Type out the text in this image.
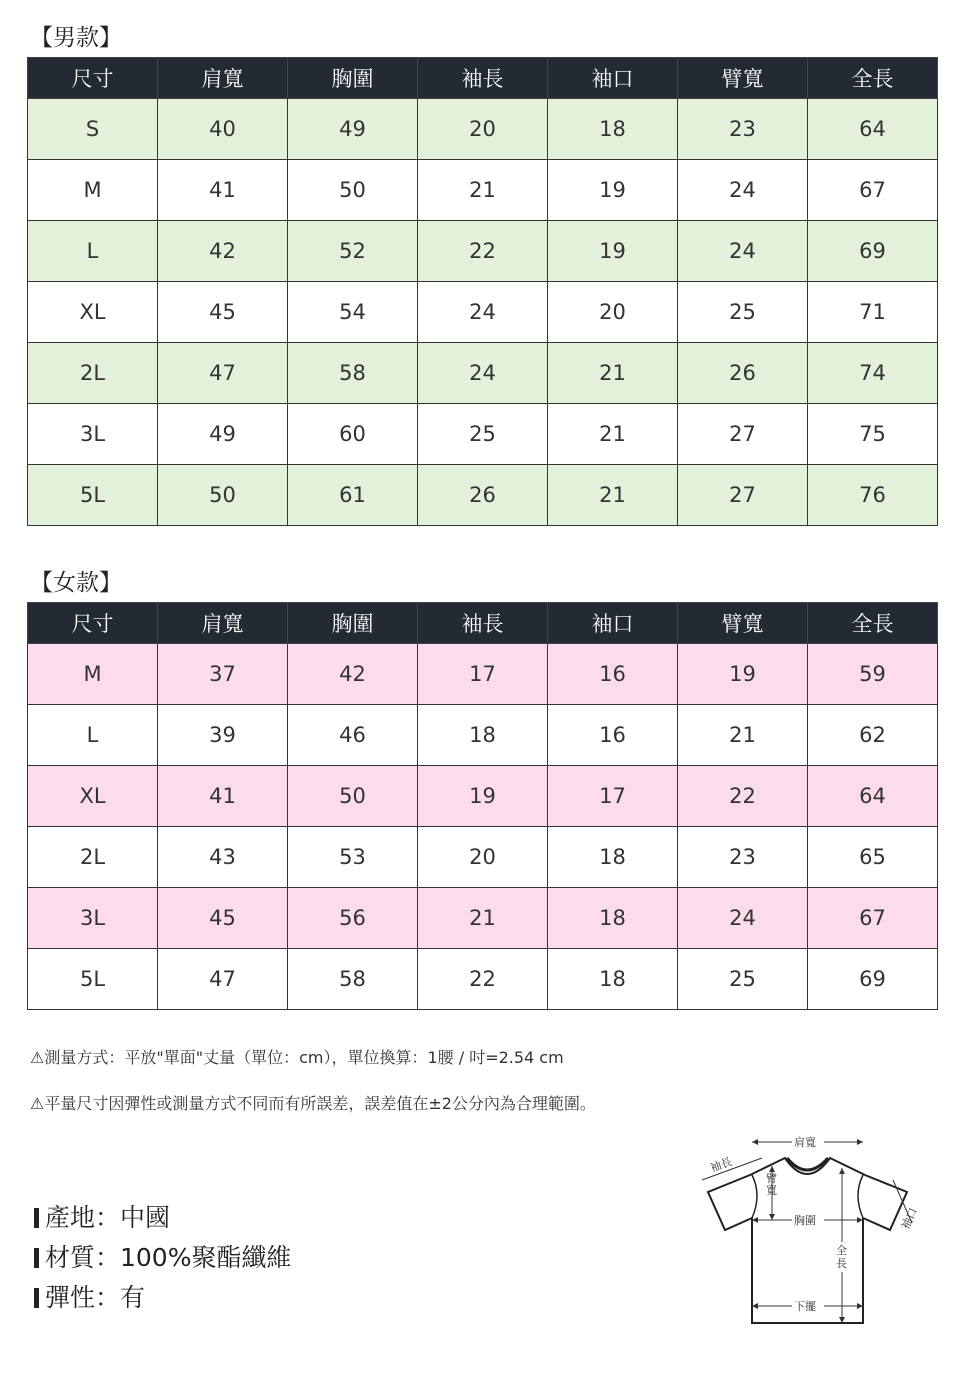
【男款】
尺寸	肩寬	胸圍	袖長	袖口	臂寬	全長
S	40	49	20	18	23	64
M	41	50	21	19	24	67
L	42	52	22	19	24	69
XL	45	54	24	20	25	71
2L	47	58	24	21	26	74
3L	49	60	25	21	27	75
5L	50	61	26	21	27	76
【女款】
尺寸	肩寬	胸圍	袖長	袖口	臂寬	全長
M	37	42	17	16	19	59
L	39	46	18	16	21	62
XL	41	50	19	17	22	64
2L	43	53	20	18	23	65
3L	45	56	21	18	24	67
5L	47	58	22	18	25	69
⚠測量方式：平放"單面"丈量（單位：cm），單位換算：1腰 / 吋=2.54 cm
⚠平量尺寸因彈性或測量方式不同而有所誤差，誤差值在±2公分內為合理範圍。
產地：中國
材質：100%聚酯纖維
彈性：有
肩寬
袖長
臂
寬
胸圍
全
長
下擺
袖口
